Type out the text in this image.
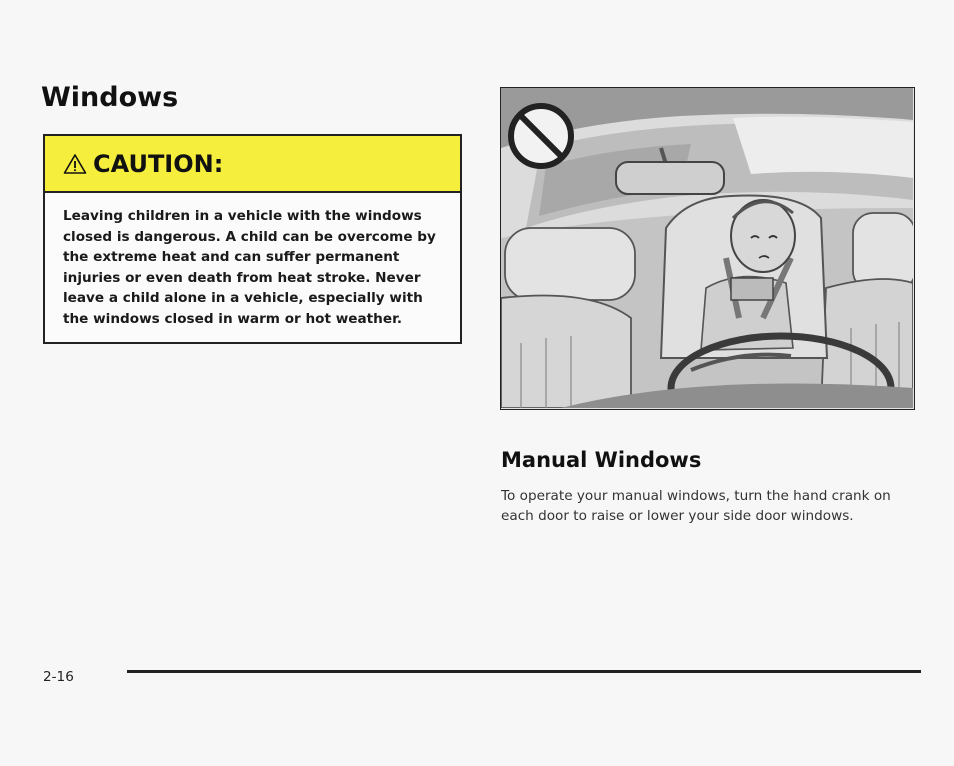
Windows
CAUTION:

Leaving children in a vehicle with the windows closed is dangerous. A child can be overcome by the extreme heat and can suffer permanent injuries or even death from heat stroke. Never leave a child alone in a vehicle, especially with the windows closed in warm or hot weather.

Manual Windows

To operate your manual windows, turn the hand crank on each door to raise or lower your side door windows.

2-16
